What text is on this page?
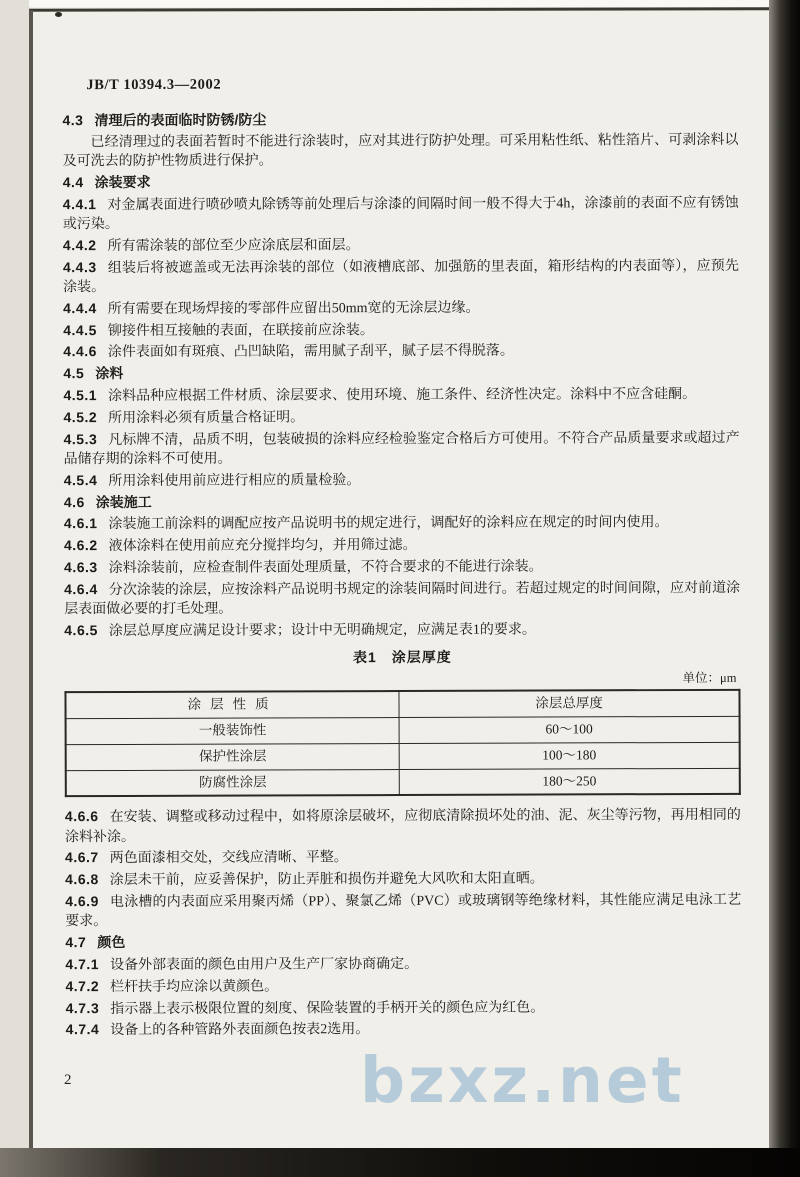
JB/T 10394.3—2002

4.3 清理后的表面临时防锈/防尘

已经清理过的表面若暂时不能进行涂装时，应对其进行防护处理。可采用粘性纸、粘性箔片、可剥涂料以及可洗去的防护性物质进行保护。

4.4 涂装要求

4.4.1 对金属表面进行喷砂喷丸除锈等前处理后与涂漆的间隔时间一般不得大于4h，涂漆前的表面不应有锈蚀或污染。

4.4.2 所有需涂装的部位至少应涂底层和面层。

4.4.3 组装后将被遮盖或无法再涂装的部位（如液槽底部、加强筋的里表面，箱形结构的内表面等），应预先涂装。

4.4.4 所有需要在现场焊接的零部件应留出50mm宽的无涂层边缘。

4.4.5 铆接件相互接触的表面，在联接前应涂装。

4.4.6 涂件表面如有斑痕、凸凹缺陷，需用腻子刮平，腻子层不得脱落。

4.5 涂料

4.5.1 涂料品种应根据工件材质、涂层要求、使用环境、施工条件、经济性决定。涂料中不应含硅酮。

4.5.2 所用涂料必须有质量合格证明。

4.5.3 凡标牌不清，品质不明，包装破损的涂料应经检验鉴定合格后方可使用。不符合产品质量要求或超过产品储存期的涂料不可使用。

4.5.4 所用涂料使用前应进行相应的质量检验。

4.6 涂装施工

4.6.1 涂装施工前涂料的调配应按产品说明书的规定进行，调配好的涂料应在规定的时间内使用。

4.6.2 液体涂料在使用前应充分搅拌均匀，并用筛过滤。

4.6.3 涂料涂装前，应检查制件表面处理质量，不符合要求的不能进行涂装。

4.6.4 分次涂装的涂层，应按涂料产品说明书规定的涂装间隔时间进行。若超过规定的时间间隙，应对前道涂层表面做必要的打毛处理。

4.6.5 涂层总厚度应满足设计要求；设计中无明确规定，应满足表1的要求。

表1　涂层厚度
单位：μm
涂层性质	涂层总厚度
一般装饰性	60～100
保护性涂层	100～180
防腐性涂层	180～250

4.6.6 在安装、调整或移动过程中，如将原涂层破坏，应彻底清除损坏处的油、泥、灰尘等污物，再用相同的涂料补涂。

4.6.7 两色面漆相交处，交线应清晰、平整。

4.6.8 涂层未干前，应妥善保护，防止弄脏和损伤并避免大风吹和太阳直晒。

4.6.9 电泳槽的内表面应采用聚丙烯（PP）、聚氯乙烯（PVC）或玻璃钢等绝缘材料，其性能应满足电泳工艺要求。

4.7 颜色

4.7.1 设备外部表面的颜色由用户及生产厂家协商确定。

4.7.2 栏杆扶手均应涂以黄颜色。

4.7.3 指示器上表示极限位置的刻度、保险装置的手柄开关的颜色应为红色。

4.7.4 设备上的各种管路外表面颜色按表2选用。

2	bzxz.net
